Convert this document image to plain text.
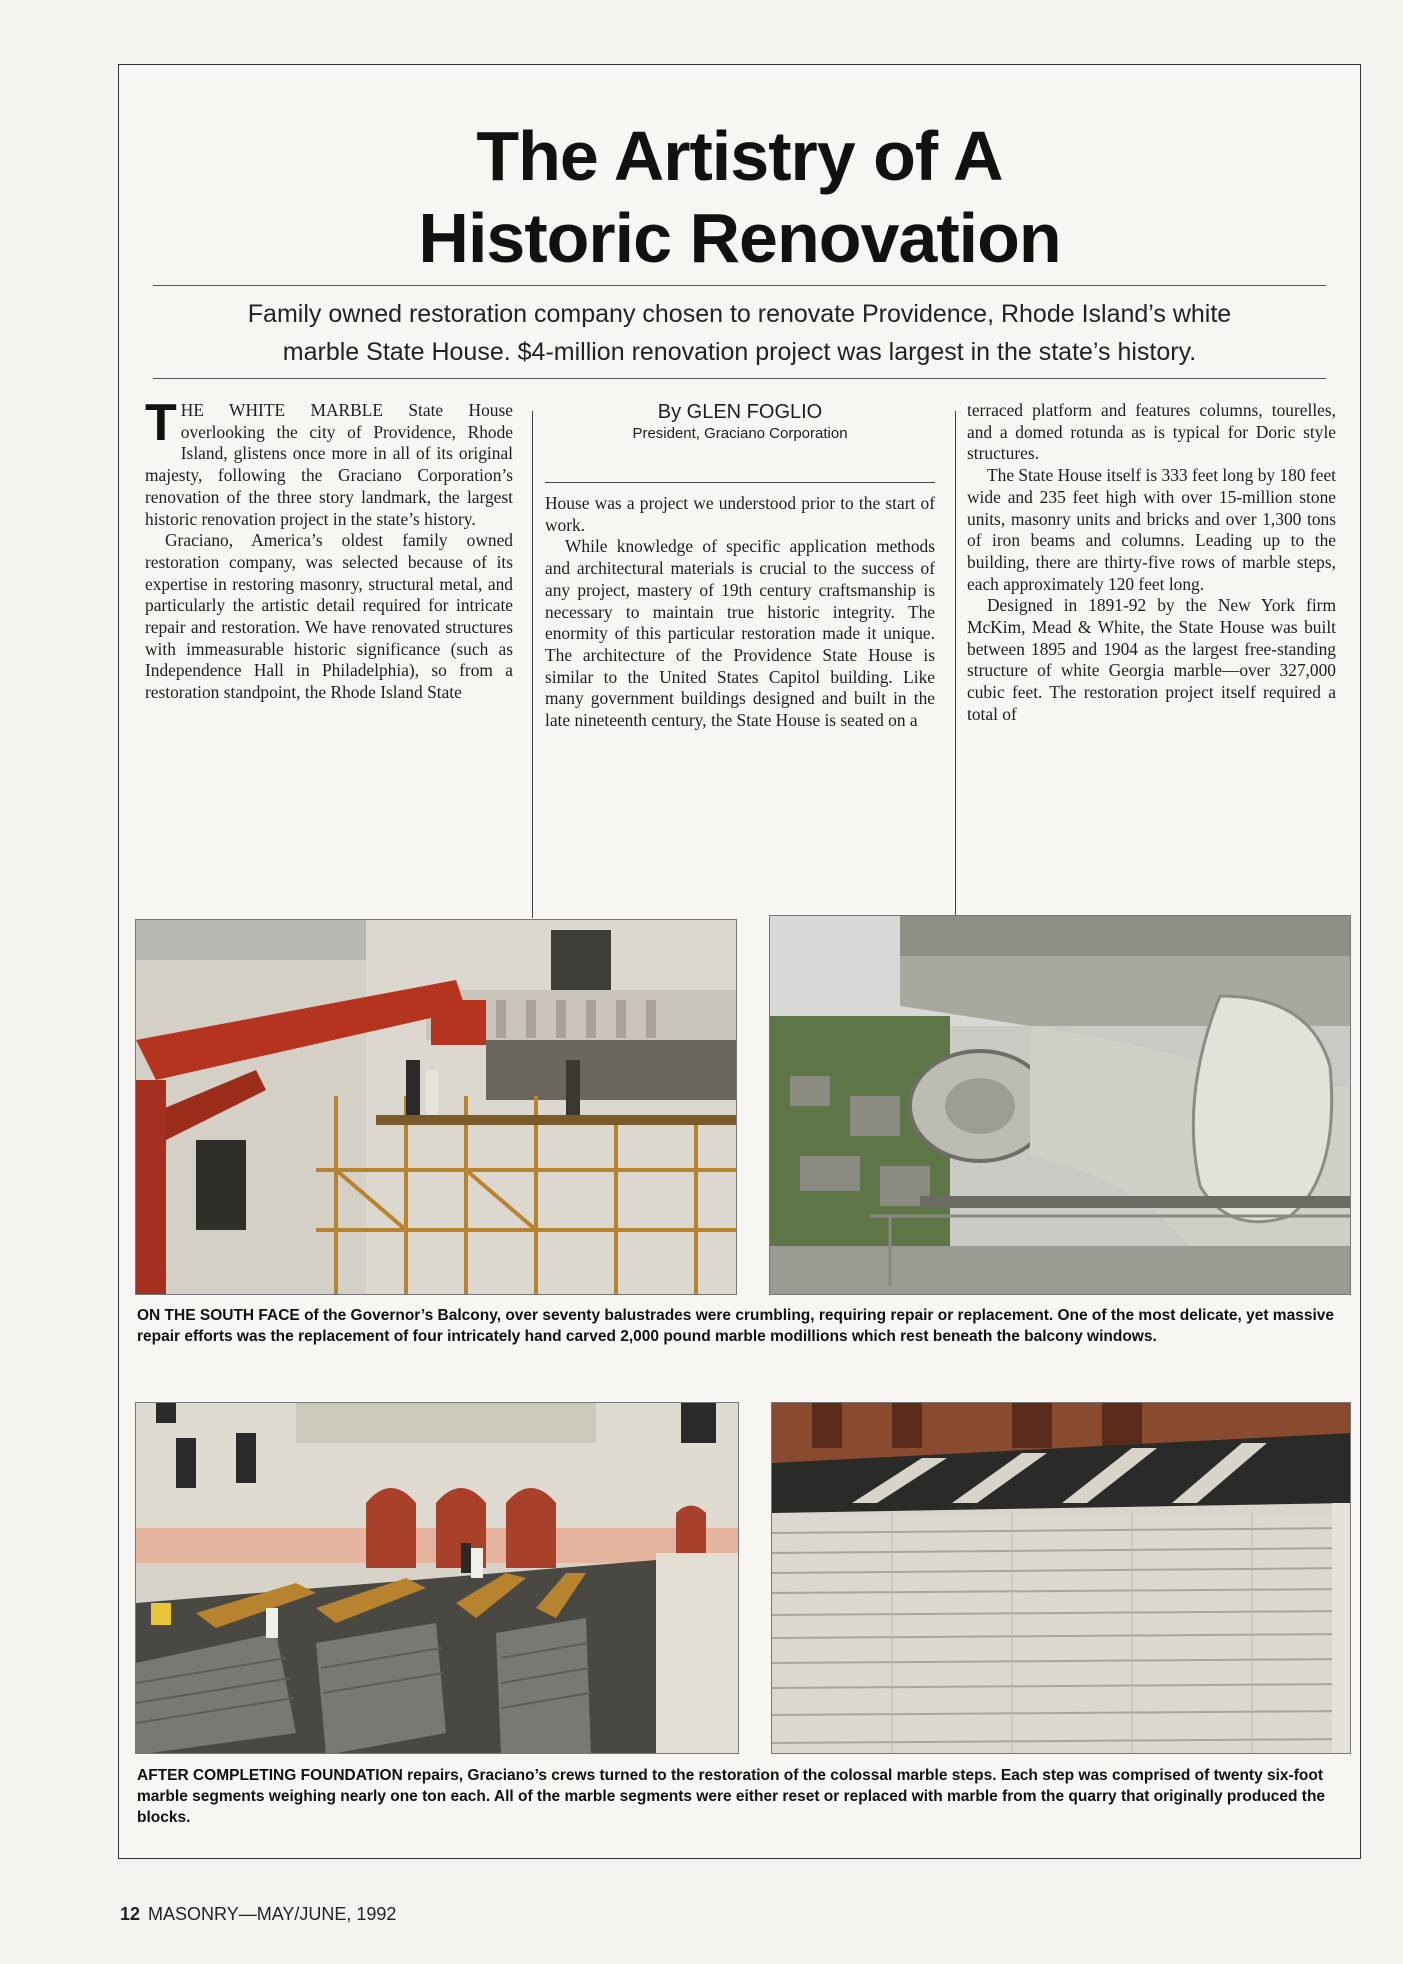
The Artistry of A
Historic Renovation
Family owned restoration company chosen to renovate Providence, Rhode Island’s white
marble State House. $4-million renovation project was largest in the state’s history.

THE WHITE MARBLE State House overlooking the city of Providence, Rhode Island, glistens once more in all of its original majesty, following the Graciano Corporation’s renovation of the three story landmark, the largest historic renovation project in the state’s history.

Graciano, America’s oldest family owned restoration company, was selected because of its expertise in restoring masonry, structural metal, and particularly the artistic detail required for intricate repair and restoration. We have renovated structures with immeasurable historic significance (such as Independence Hall in Philadelphia), so from a restoration standpoint, the Rhode Island State

By GLEN FOGLIO
President, Graciano Corporation

House was a project we understood prior to the start of work.

While knowledge of specific application methods and architectural materials is crucial to the success of any project, mastery of 19th century craftsmanship is necessary to maintain true historic integrity. The enormity of this particular restoration made it unique. The architecture of the Providence State House is similar to the United States Capitol building. Like many government buildings designed and built in the late nineteenth century, the State House is seated on a

terraced platform and features columns, tourelles, and a domed rotunda as is typical for Doric style structures.

The State House itself is 333 feet long by 180 feet wide and 235 feet high with over 15-million stone units, masonry units and bricks and over 1,300 tons of iron beams and columns. Leading up to the building, there are thirty-five rows of marble steps, each approximately 120 feet long.

Designed in 1891-92 by the New York firm McKim, Mead & White, the State House was built between 1895 and 1904 as the largest free-standing structure of white Georgia marble—over 327,000 cubic feet. The restoration project itself required a total of

ON THE SOUTH FACE of the Governor’s Balcony, over seventy balustrades were crumbling, requiring repair or replacement. One of the most delicate, yet massive repair efforts was the replacement of four intricately hand carved 2,000 pound marble modillions which rest beneath the balcony windows.
AFTER COMPLETING FOUNDATION repairs, Graciano’s crews turned to the restoration of the colossal marble steps. Each step was comprised of twenty six-foot marble segments weighing nearly one ton each. All of the marble segments were either reset or replaced with marble from the quarry that originally produced the blocks.
12 MASONRY—MAY/JUNE, 1992
